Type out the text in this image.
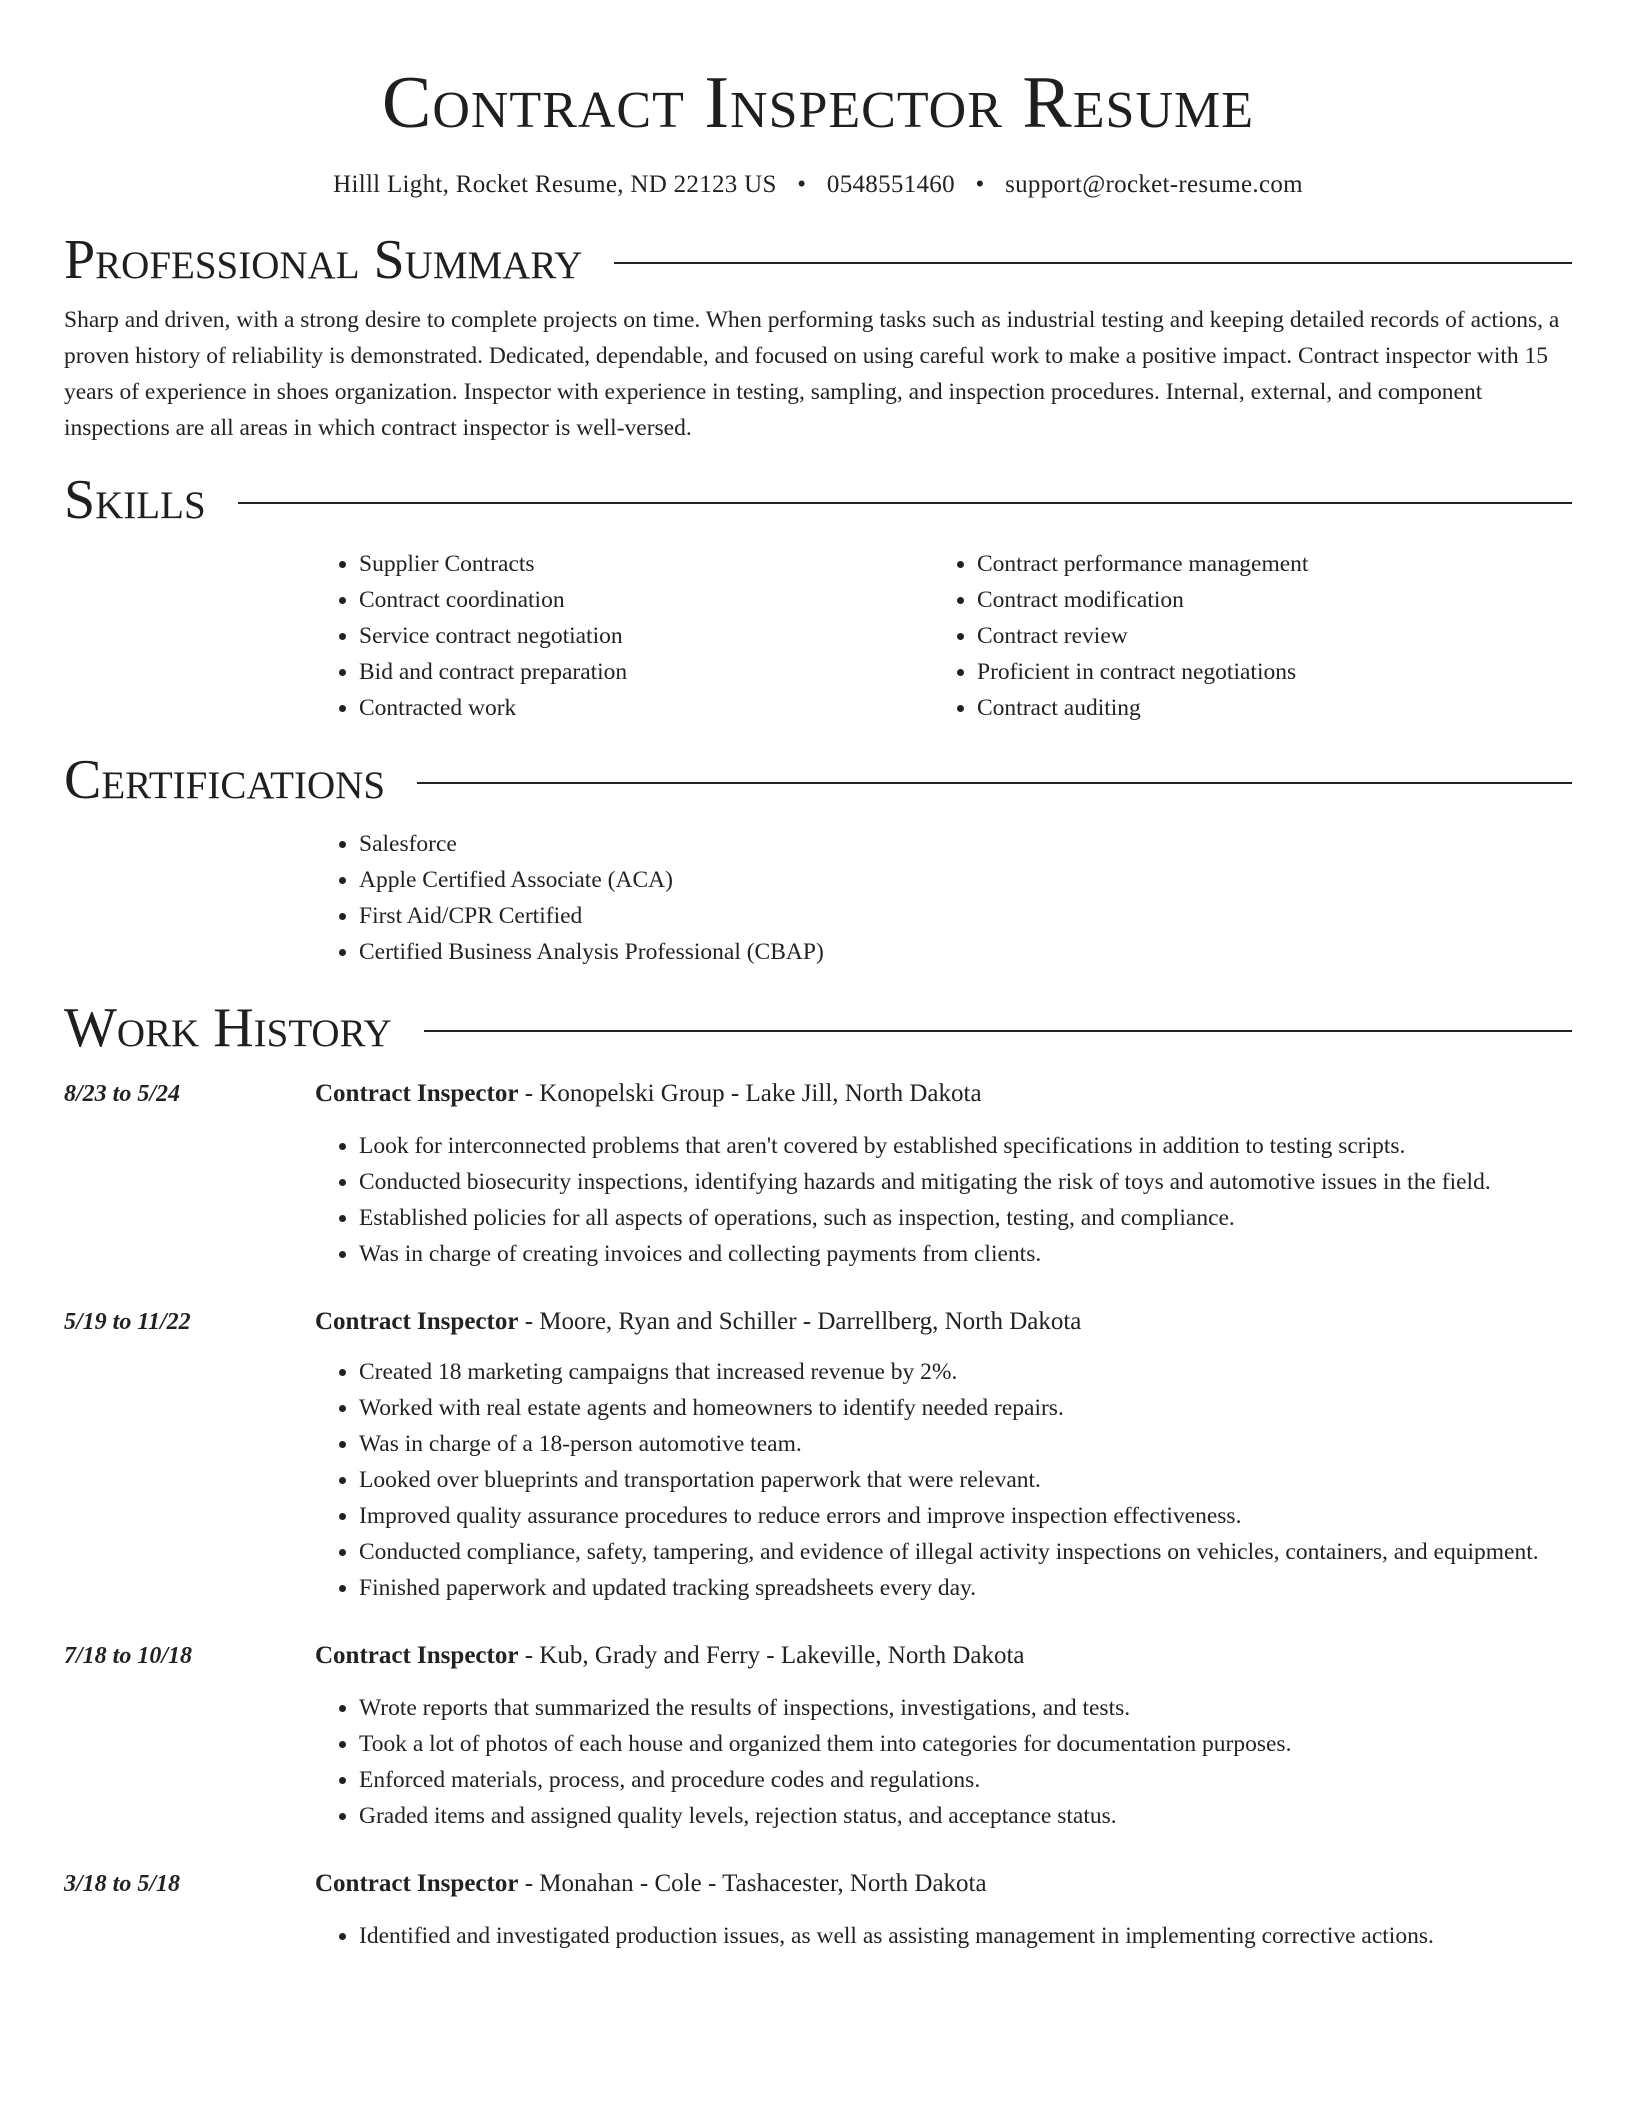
Contract Inspector Resume
Hilll Light, Rocket Resume, ND 22123 US • 0548551460 • support@rocket-resume.com
Professional Summary

Sharp and driven, with a strong desire to complete projects on time. When performing tasks such as industrial testing and keeping detailed records of actions, a proven history of reliability is demonstrated. Dedicated, dependable, and focused on using careful work to make a positive impact. Contract inspector with 15 years of experience in shoes organization. Inspector with experience in testing, sampling, and inspection procedures. Internal, external, and component inspections are all areas in which contract inspector is well-versed.

Skills
• Supplier Contracts
• Contract coordination
• Service contract negotiation
• Bid and contract preparation
• Contracted work
• Contract performance management
• Contract modification
• Contract review
• Proficient in contract negotiations
• Contract auditing
Certifications
• Salesforce
• Apple Certified Associate (ACA)
• First Aid/CPR Certified
• Certified Business Analysis Professional (CBAP)
Work History
8/23 to 5/24	Contract Inspector - Konopelski Group - Lake Jill, North Dakota
• Look for interconnected problems that aren't covered by established specifications in addition to testing scripts.
• Conducted biosecurity inspections, identifying hazards and mitigating the risk of toys and automotive issues in the field.
• Established policies for all aspects of operations, such as inspection, testing, and compliance.
• Was in charge of creating invoices and collecting payments from clients.
5/19 to 11/22	Contract Inspector - Moore, Ryan and Schiller - Darrellberg, North Dakota
• Created 18 marketing campaigns that increased revenue by 2%.
• Worked with real estate agents and homeowners to identify needed repairs.
• Was in charge of a 18-person automotive team.
• Looked over blueprints and transportation paperwork that were relevant.
• Improved quality assurance procedures to reduce errors and improve inspection effectiveness.
• Conducted compliance, safety, tampering, and evidence of illegal activity inspections on vehicles, containers, and equipment.
• Finished paperwork and updated tracking spreadsheets every day.
7/18 to 10/18	Contract Inspector - Kub, Grady and Ferry - Lakeville, North Dakota
• Wrote reports that summarized the results of inspections, investigations, and tests.
• Took a lot of photos of each house and organized them into categories for documentation purposes.
• Enforced materials, process, and procedure codes and regulations.
• Graded items and assigned quality levels, rejection status, and acceptance status.
3/18 to 5/18	Contract Inspector - Monahan - Cole - Tashacester, North Dakota
• Identified and investigated production issues, as well as assisting management in implementing corrective actions.
